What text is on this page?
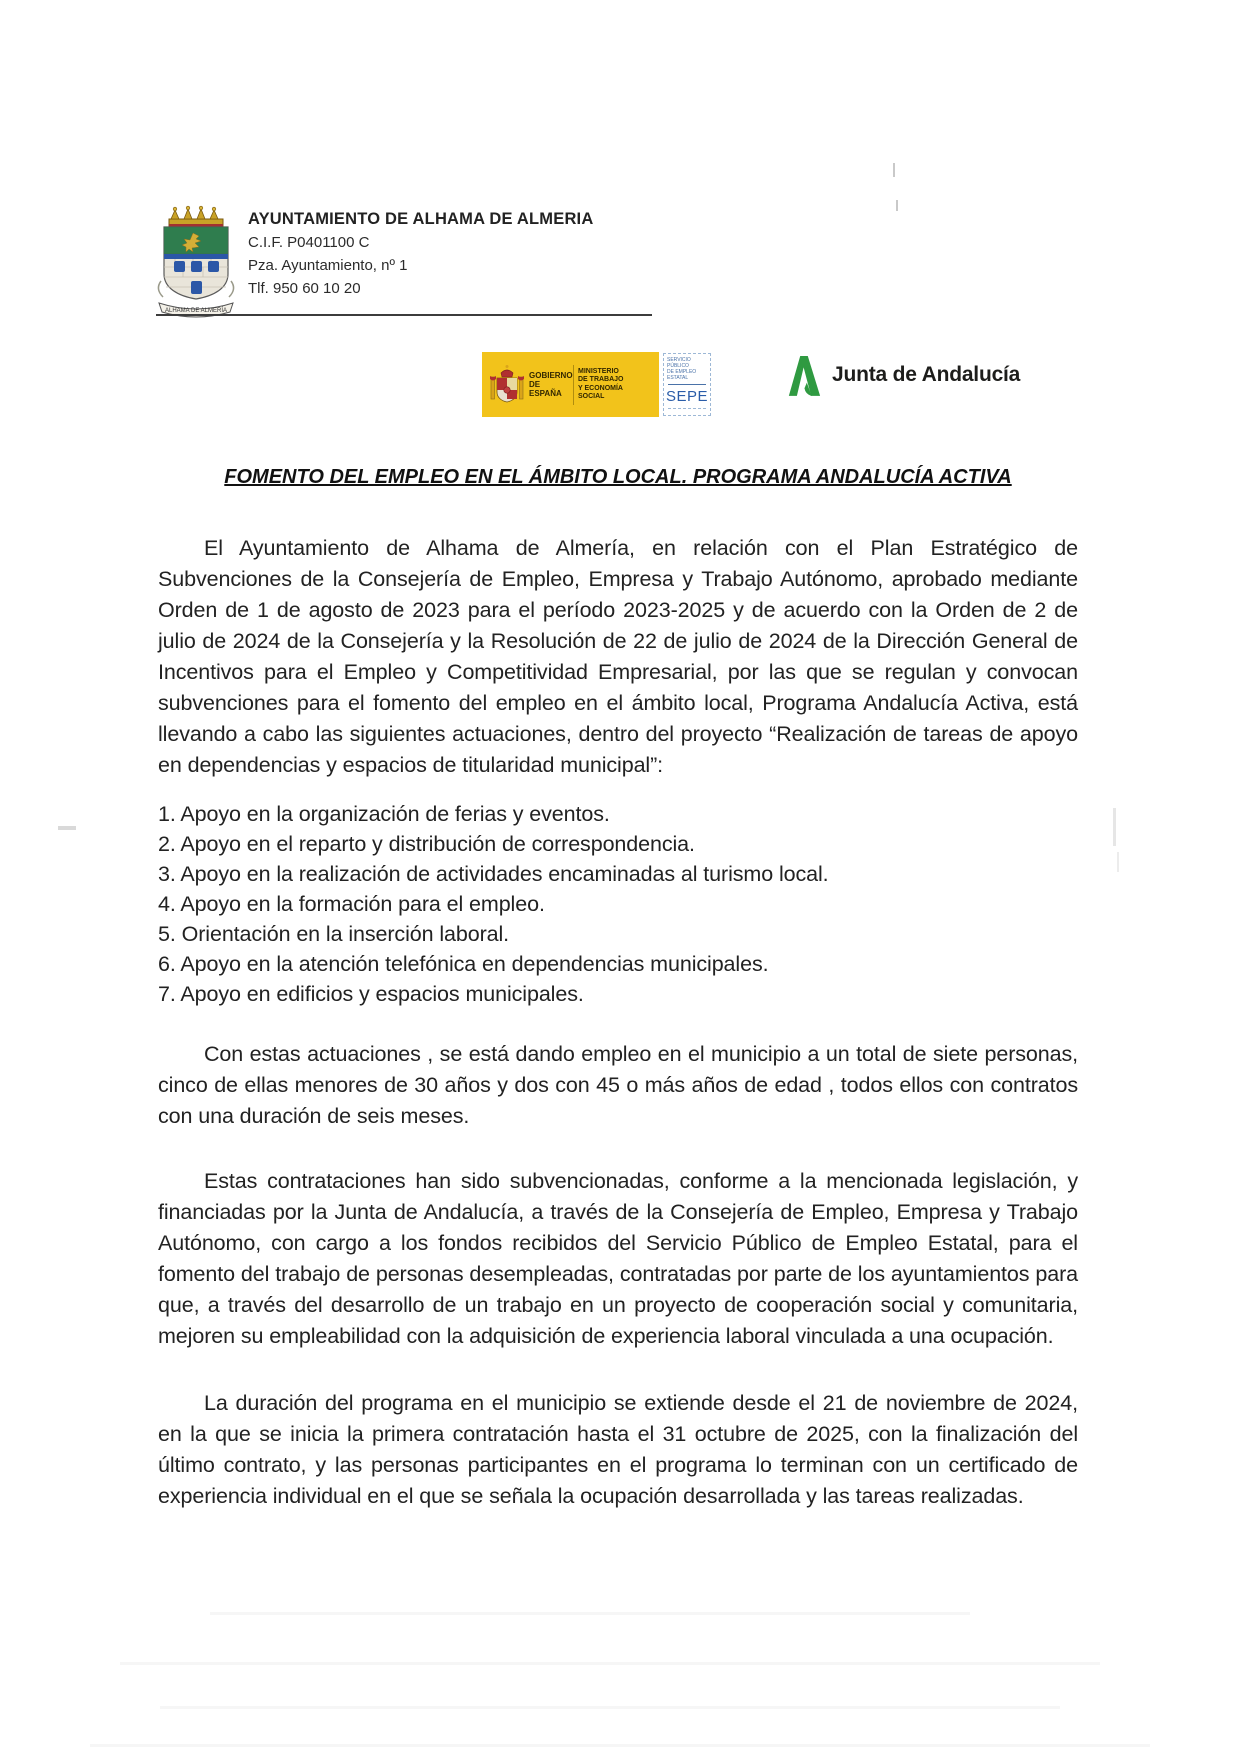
ALHAMA DE ALMERÍA
AYUNTAMIENTO DE ALHAMA DE ALMERIA
C.I.F. P0401100 C
Pza. Ayuntamiento, nº 1
Tlf. 950 60 10 20
GOBIERNO
DE ESPAÑA
MINISTERIO
DE TRABAJO
Y ECONOMÍA SOCIAL
SERVICIO PÚBLICO
DE EMPLEO ESTATAL
SEPE
Junta de Andalucía
FOMENTO DEL EMPLEO EN EL ÁMBITO LOCAL. PROGRAMA ANDALUCÍA ACTIVA

El Ayuntamiento de Alhama de Almería, en relación con el Plan Estratégico de Subvenciones de la Consejería de Empleo, Empresa y Trabajo Autónomo, aprobado mediante Orden de 1 de agosto de 2023 para el período 2023-2025 y de acuerdo con la Orden de 2 de julio de 2024 de la Consejería y la Resolución de 22 de julio de 2024 de la Dirección General de Incentivos para el Empleo y Competitividad Empresarial, por las que se regulan y convocan subvenciones para el fomento del empleo en el ámbito local, Programa Andalucía Activa, está llevando a cabo las siguientes actuaciones, dentro del proyecto “Realización de tareas de apoyo en dependencias y espacios de titularidad municipal”:

1. Apoyo en la organización de ferias y eventos.
2. Apoyo en el reparto y distribución de correspondencia.
3. Apoyo en la realización de actividades encaminadas al turismo local.
4. Apoyo en la formación para el empleo.
5. Orientación en la inserción laboral.
6. Apoyo en la atención telefónica en dependencias municipales.
7. Apoyo en edificios y espacios municipales.

Con estas actuaciones , se está dando empleo en el municipio a un total de siete personas, cinco de ellas menores de 30 años y dos con 45 o más años de edad , todos ellos con contratos con una duración de seis meses.

Estas contrataciones han sido subvencionadas, conforme a la mencionada legislación, y financiadas por la Junta de Andalucía, a través de la Consejería de Empleo, Empresa y Trabajo Autónomo, con cargo a los fondos recibidos del Servicio Público de Empleo Estatal, para el fomento del trabajo de personas desempleadas, contratadas por parte de los ayuntamientos para que, a través del desarrollo de un trabajo en un proyecto de cooperación social y comunitaria, mejoren su empleabilidad con la adquisición de experiencia laboral vinculada a una ocupación.

La duración del programa en el municipio se extiende desde el 21 de noviembre de 2024, en la que se inicia la primera contratación hasta el 31 octubre de 2025, con la finalización del último contrato, y las personas participantes en el programa lo terminan con un certificado de experiencia individual en el que se señala la ocupación desarrollada y las tareas realizadas.
